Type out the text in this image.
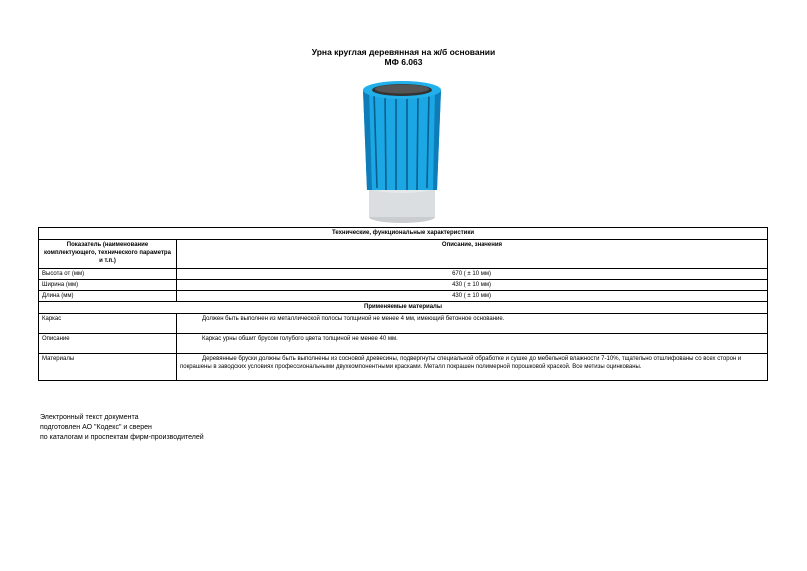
Урна круглая деревянная на ж/б основании
МФ 6.063
Технические, функциональные характеристики	
Показатель (наименование комплектующего, технического параметра и т.п.)	Описание, значения
Высота от (мм)	670 ( ± 10 мм)
Ширина (мм)	430 ( ± 10 мм)
Длина (мм)	430 ( ± 10 мм)
Применяемые материалы	
Каркас	Должен быть выполнен из металлической полосы толщиной не менее 4 мм, имеющий бетонное основание.
Описание	Каркас урны обшит брусом голубого цвета толщиной не менее 40 мм.
Материалы	Деревянные бруски должны быть выполнены из сосновой древесины, подвергнуты специальной обработке и сушке до мебельной влажности 7-10%, тщательно отшлифованы со всех сторон и покрашены в заводских условиях профессиональными двухкомпонентными красками. Металл покрашен полимерной порошковой краской. Все метизы оцинкованы.
Электронный текст документа
подготовлен АО "Кодекс" и сверен
по каталогам и проспектам фирм-производителей
